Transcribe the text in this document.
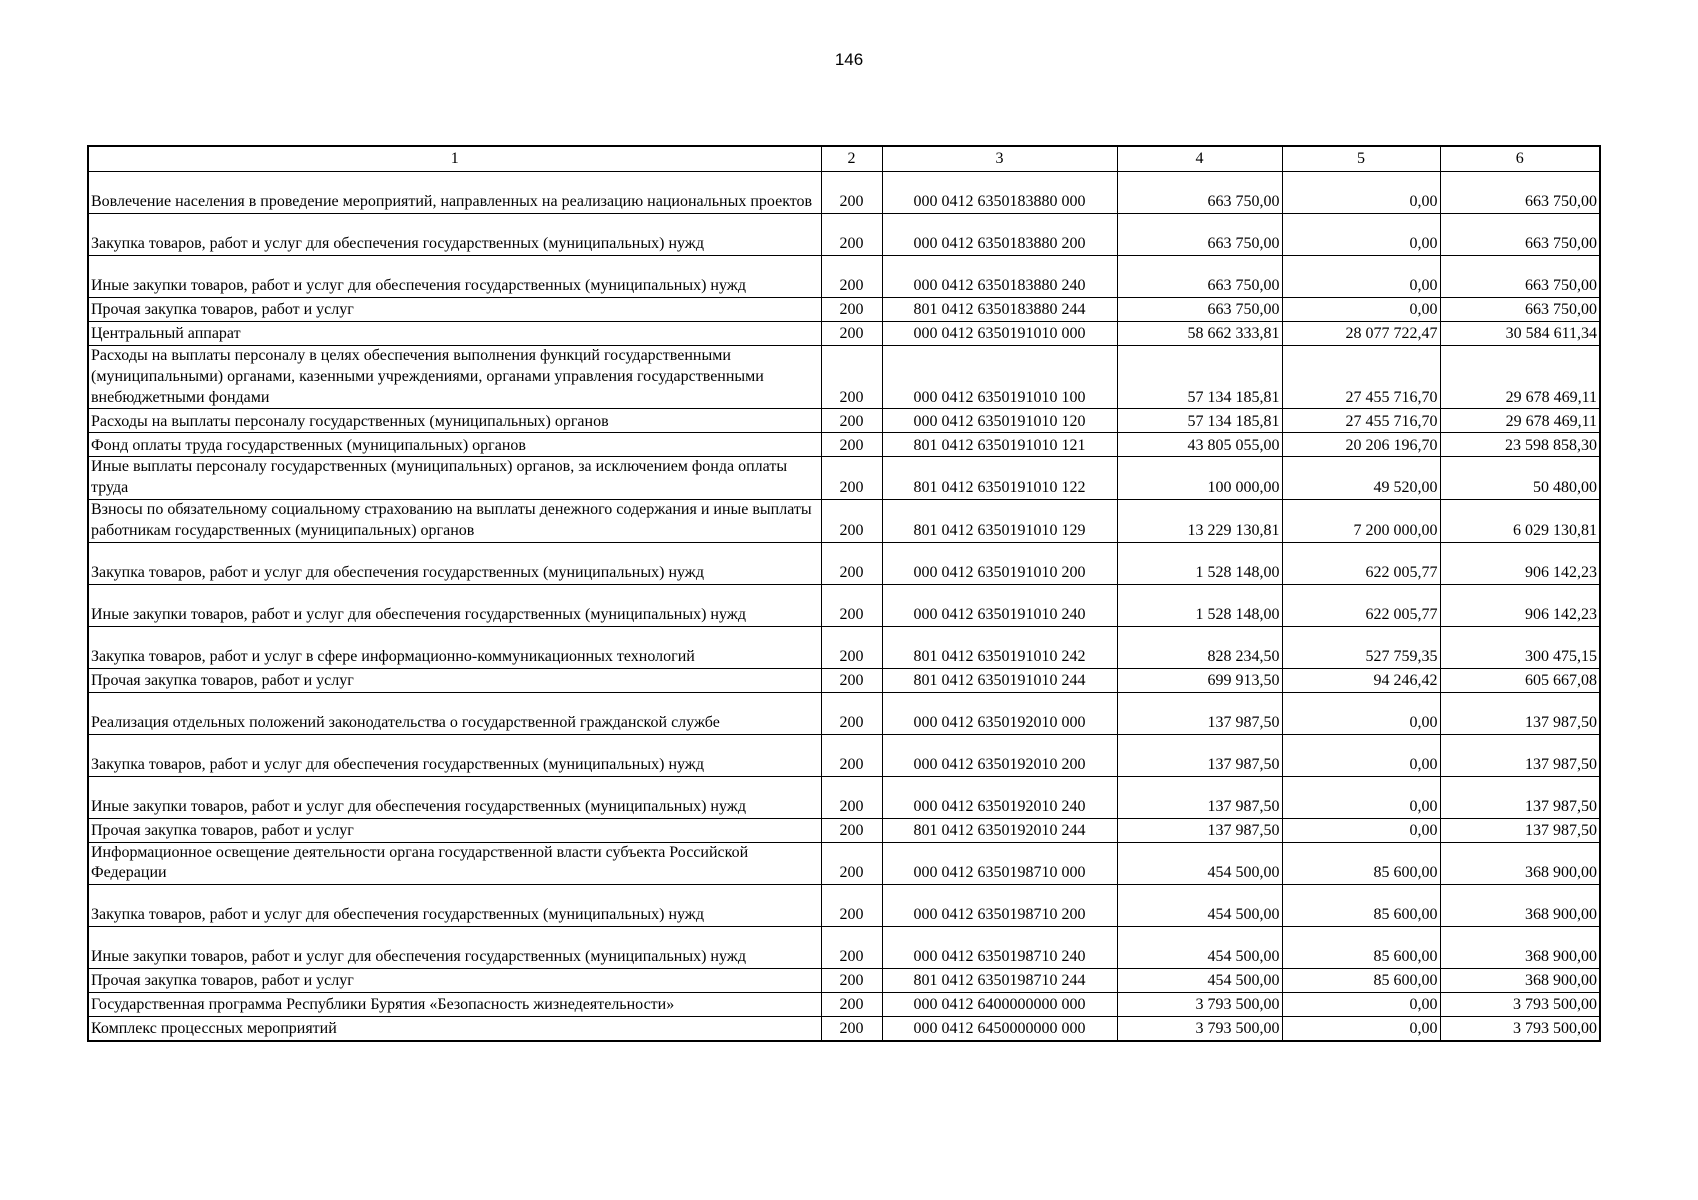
146
1	2	3	4	5	6
Вовлечение населения в проведение мероприятий, направленных на реализацию национальных проектов	200	000 0412 6350183880 000	663 750,00	0,00	663 750,00
Закупка товаров, работ и услуг для обеспечения государственных (муниципальных) нужд	200	000 0412 6350183880 200	663 750,00	0,00	663 750,00
Иные закупки товаров, работ и услуг для обеспечения государственных (муниципальных) нужд	200	000 0412 6350183880 240	663 750,00	0,00	663 750,00
Прочая закупка товаров, работ и услуг	200	801 0412 6350183880 244	663 750,00	0,00	663 750,00
Центральный аппарат	200	000 0412 6350191010 000	58 662 333,81	28 077 722,47	30 584 611,34
Расходы на выплаты персоналу в целях обеспечения выполнения функций государственными (муниципальными) органами, казенными учреждениями, органами управления государственными внебюджетными фондами	200	000 0412 6350191010 100	57 134 185,81	27 455 716,70	29 678 469,11
Расходы на выплаты персоналу государственных (муниципальных) органов	200	000 0412 6350191010 120	57 134 185,81	27 455 716,70	29 678 469,11
Фонд оплаты труда государственных (муниципальных) органов	200	801 0412 6350191010 121	43 805 055,00	20 206 196,70	23 598 858,30
Иные выплаты персоналу государственных (муниципальных) органов, за исключением фонда оплаты труда	200	801 0412 6350191010 122	100 000,00	49 520,00	50 480,00
Взносы по обязательному социальному страхованию на выплаты денежного содержания и иные выплаты работникам государственных (муниципальных) органов	200	801 0412 6350191010 129	13 229 130,81	7 200 000,00	6 029 130,81
Закупка товаров, работ и услуг для обеспечения государственных (муниципальных) нужд	200	000 0412 6350191010 200	1 528 148,00	622 005,77	906 142,23
Иные закупки товаров, работ и услуг для обеспечения государственных (муниципальных) нужд	200	000 0412 6350191010 240	1 528 148,00	622 005,77	906 142,23
Закупка товаров, работ и услуг в сфере информационно-коммуникационных технологий	200	801 0412 6350191010 242	828 234,50	527 759,35	300 475,15
Прочая закупка товаров, работ и услуг	200	801 0412 6350191010 244	699 913,50	94 246,42	605 667,08
Реализация отдельных положений законодательства о государственной гражданской службе	200	000 0412 6350192010 000	137 987,50	0,00	137 987,50
Закупка товаров, работ и услуг для обеспечения государственных (муниципальных) нужд	200	000 0412 6350192010 200	137 987,50	0,00	137 987,50
Иные закупки товаров, работ и услуг для обеспечения государственных (муниципальных) нужд	200	000 0412 6350192010 240	137 987,50	0,00	137 987,50
Прочая закупка товаров, работ и услуг	200	801 0412 6350192010 244	137 987,50	0,00	137 987,50
Информационное освещение деятельности органа государственной власти субъекта Российской Федерации	200	000 0412 6350198710 000	454 500,00	85 600,00	368 900,00
Закупка товаров, работ и услуг для обеспечения государственных (муниципальных) нужд	200	000 0412 6350198710 200	454 500,00	85 600,00	368 900,00
Иные закупки товаров, работ и услуг для обеспечения государственных (муниципальных) нужд	200	000 0412 6350198710 240	454 500,00	85 600,00	368 900,00
Прочая закупка товаров, работ и услуг	200	801 0412 6350198710 244	454 500,00	85 600,00	368 900,00
Государственная программа Республики Бурятия «Безопасность жизнедеятельности»	200	000 0412 6400000000 000	3 793 500,00	0,00	3 793 500,00
Комплекс процессных мероприятий	200	000 0412 6450000000 000	3 793 500,00	0,00	3 793 500,00
